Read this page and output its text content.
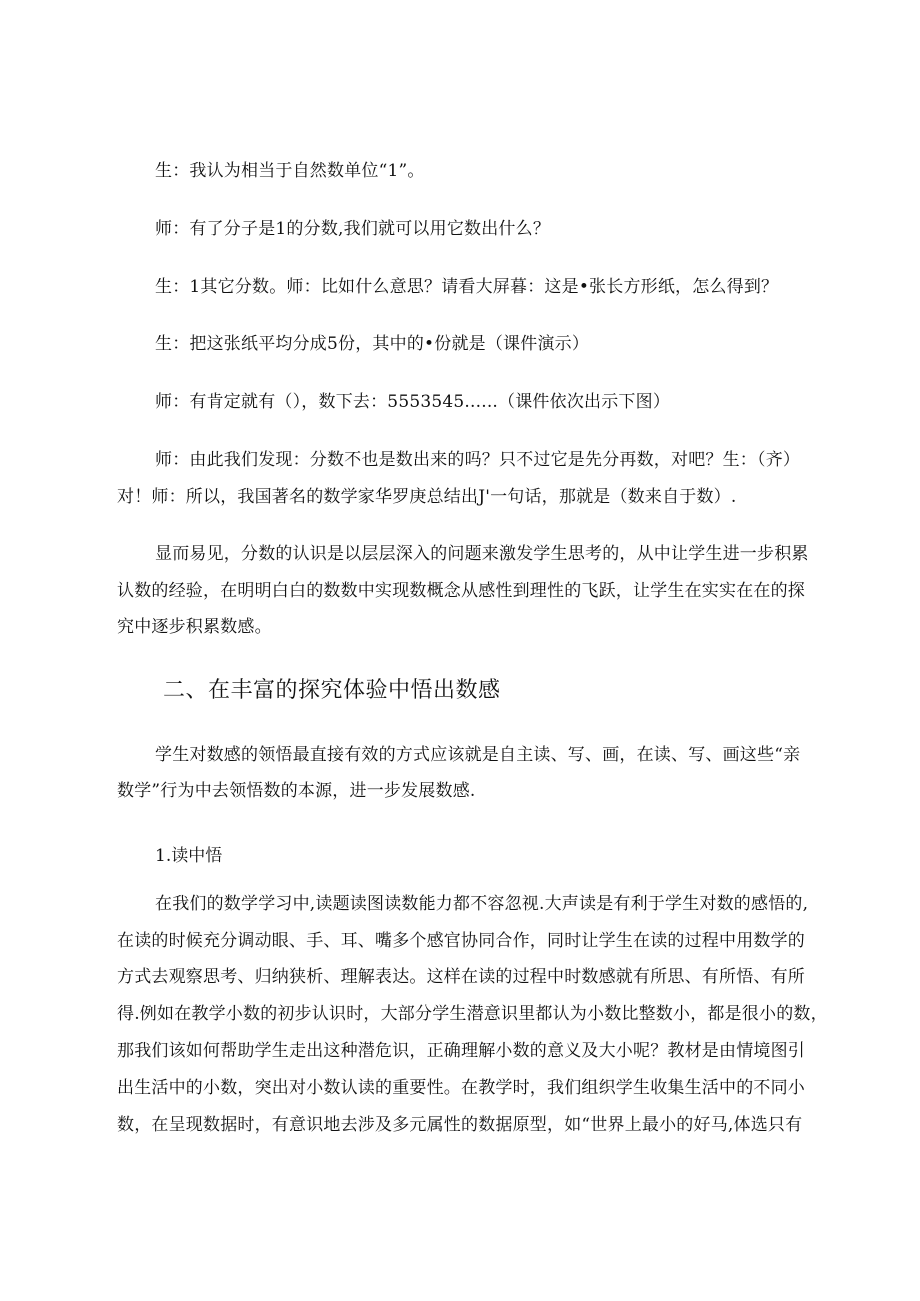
生：我认为相当于自然数单位“1”。
师：有了分子是1的分数,我们就可以用它数出什么？
生：1其它分数。师：比如什么意思？请看大屏暮：这是•张长方形纸，怎么得到？
生：把这张纸平均分成5份，其中的•份就是（课件演示）
师：有肯定就有（），数下去：5553545......（课件依次出示下图）
师：由此我们发现：分数不也是数出来的吗？只不过它是先分再数，对吧？生：（齐）
对！师：所以，我国著名的数学家华罗庚总结出J'一句话，那就是（数来自于数）.
显而易见，分数的认识是以层层深入的问题来激发学生思考的，从中让学生进一步积累
认数的经验，在明明白白的数数中实现数概念从感性到理性的飞跃，让学生在实实在在的探
究中逐步积累数感。
二、在丰富的探究体验中悟出数感
学生对数感的领悟最直接有效的方式应该就是自主读、写、画，在读、写、画这些“亲
数学”行为中去领悟数的本源，进一步发展数感.
1.读中悟
在我们的数学学习中,读题读图读数能力都不容忽视.大声读是有利于学生对数的感悟的,
在读的时候充分调动眼、手、耳、嘴多个感官协同合作，同时让学生在读的过程中用数学的
方式去观察思考、归纳狭析、理解表达。这样在读的过程中时数感就有所思、有所悟、有所
得.例如在教学小数的初步认识时，大部分学生潜意识里都认为小数比整数小，都是很小的数，
那我们该如何帮助学生走出这种潜危识，正确理解小数的意义及大小呢？教材是由情境图引
出生活中的小数，突出对小数认读的重要性。在教学时，我们组织学生收集生活中的不同小
数，在呈现数据时，有意识地去涉及多元属性的数据原型，如“世界上最小的好马,体选只有
